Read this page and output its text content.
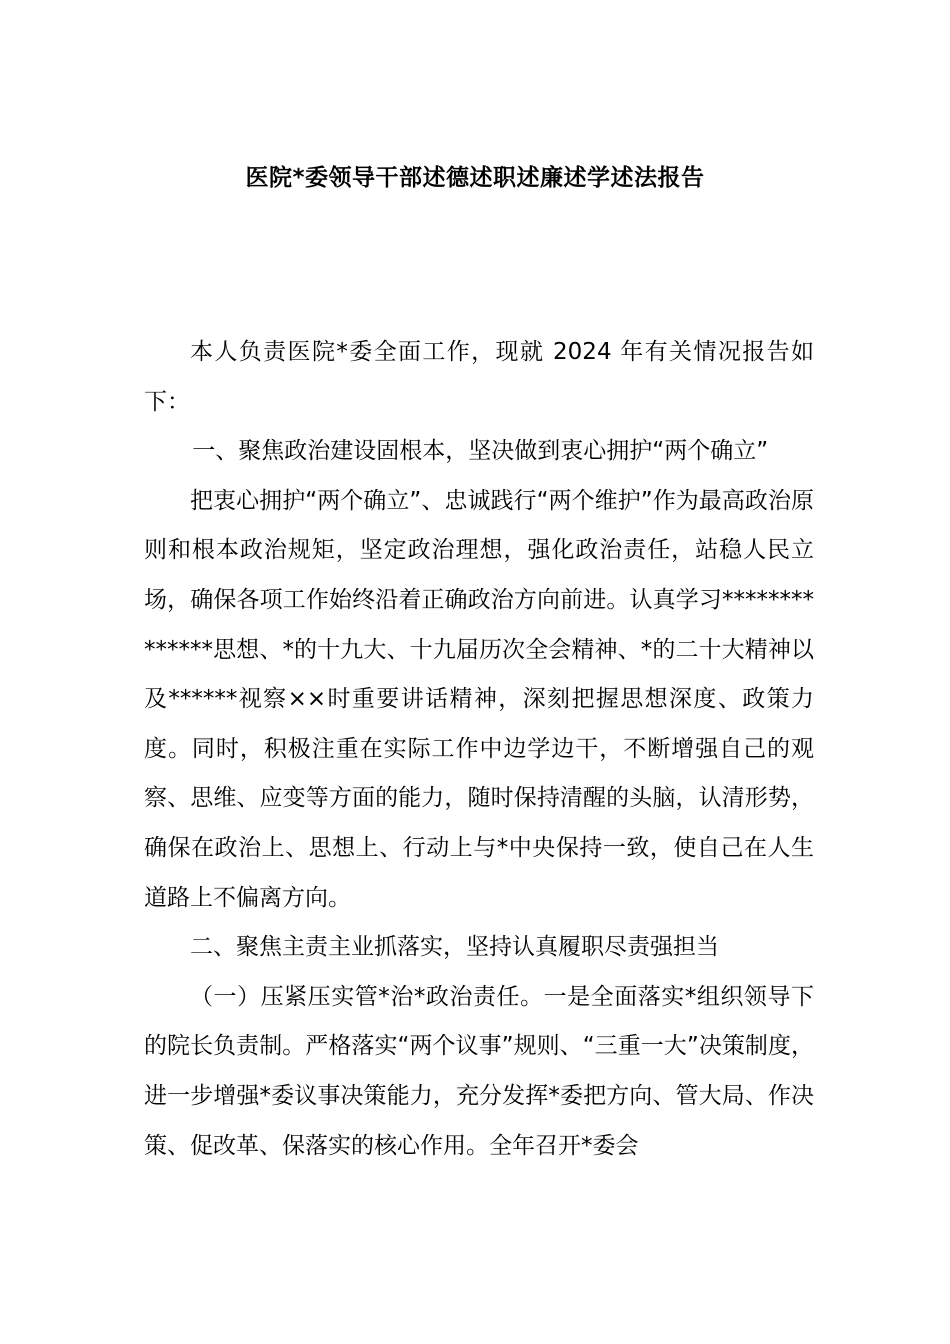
医院*委领导干部述德述职述廉述学述法报告

本人负责医院*委全面工作，现就 2024 年有关情况报告如下：

一、聚焦政治建设固根本，坚决做到衷心拥护“两个确立”

把衷心拥护“两个确立”、忠诚践行“两个维护”作为最高政治原则和根本政治规矩，坚定政治理想，强化政治责任，站稳人民立场，确保各项工作始终沿着正确政治方向前进。认真学习**************思想、*的十九大、十九届历次全会精神、*的二十大精神以及******视察××时重要讲话精神，深刻把握思想深度、政策力度。同时，积极注重在实际工作中边学边干，不断增强自己的观察、思维、应变等方面的能力，随时保持清醒的头脑，认清形势，确保在政治上、思想上、行动上与*中央保持一致，使自己在人生道路上不偏离方向。

二、聚焦主责主业抓落实，坚持认真履职尽责强担当

（一）压紧压实管*治*政治责任。一是全面落实*组织领导下的院长负责制。严格落实“两个议事”规则、“三重一大”决策制度，进一步增强*委议事决策能力，充分发挥*委把方向、管大局、作决策、促改革、保落实的核心作用。全年召开*委会
